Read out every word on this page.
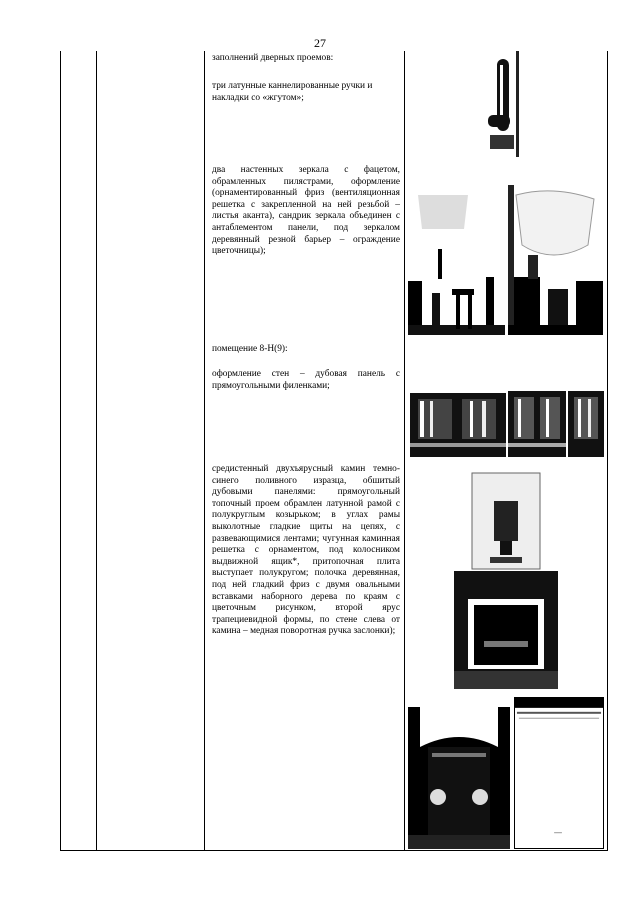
27

заполнений дверных проемов:

три латунные каннелированные ручки и накладки со «жгутом»;

два настенных зеркала с фацетом, обрамленных пилястрами, оформление (орнаментированный фриз (вентиляционная решетка с закрепленной на ней резьбой – листья аканта), сандрик зеркала объединен с антаблементом панели, под зеркалом деревянный резной барьер – ограждение цветочницы);

помещение 8-Н(9):

оформление стен – дубовая панель с прямоугольными филенками;

средистенный двухъярусный камин темно-синего поливного изразца, обшитый дубовыми панелями: прямоугольный топочный проем обрамлен латунной рамой с полукруглым козырьком; в углах рамы выколотные гладкие щиты на цепях, с развевающимися лентами; чугунная каминная решетка с орнаментом, под колосником выдвижной ящик*, притопочная плита выступает полукругом; полочка деревянная, под ней гладкий фриз с двумя овальными вставками наборного дерева по краям с цветочным рисунком, второй ярус трапециевидной формы, по стене слева от камина – медная поворотная ручка заслонки);
